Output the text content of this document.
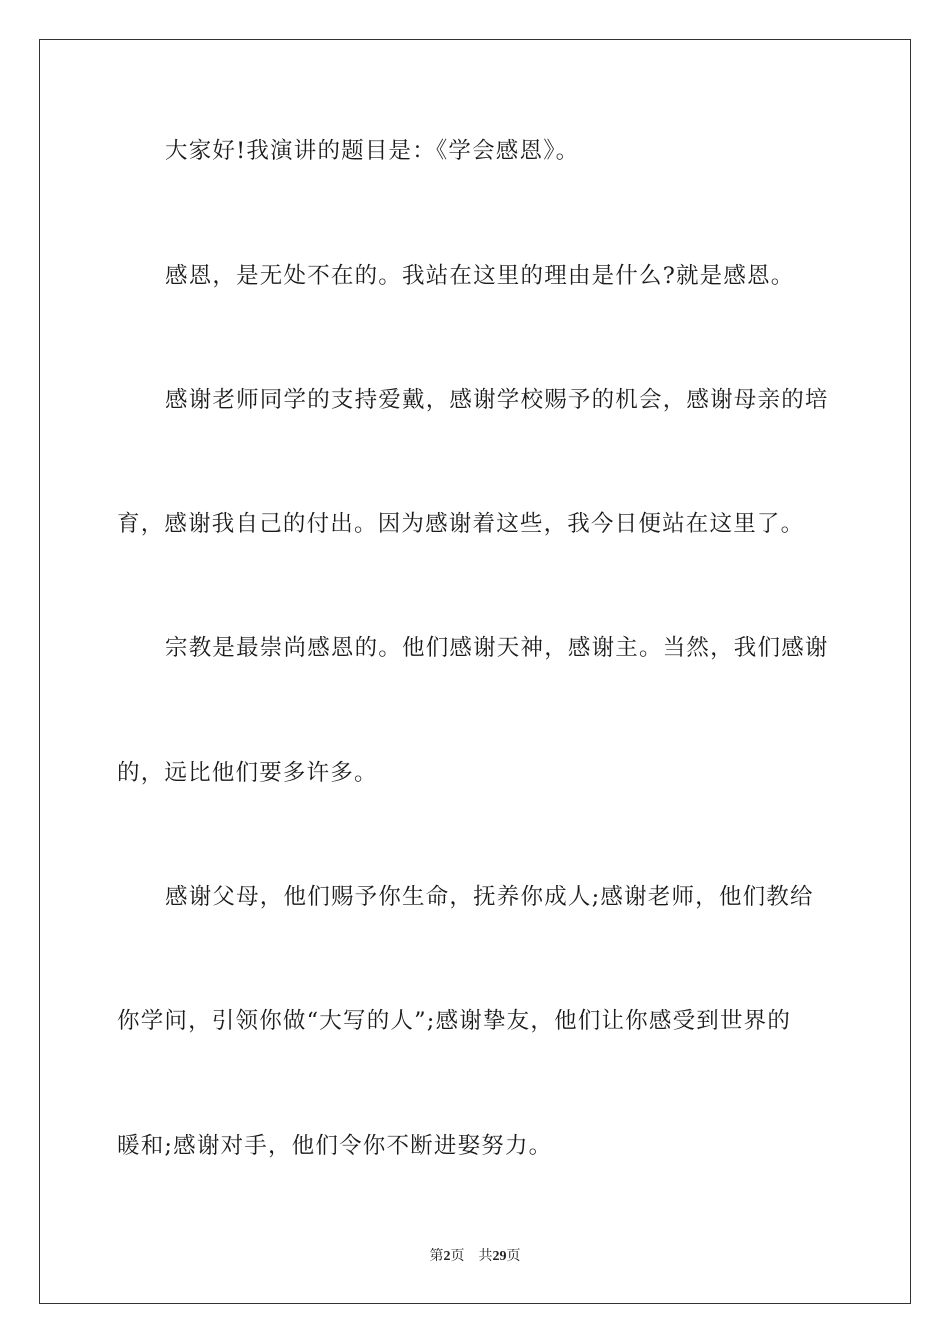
大家好!我演讲的题目是：《学会感恩》。
感恩，是无处不在的。我站在这里的理由是什么?就是感恩。
感谢老师同学的支持爱戴，感谢学校赐予的机会，感谢母亲的培
育，感谢我自己的付出。因为感谢着这些，我今日便站在这里了。
宗教是最崇尚感恩的。他们感谢天神，感谢主。当然，我们感谢
的，远比他们要多许多。
感谢父母，他们赐予你生命，抚养你成人;感谢老师，他们教给
你学问，引领你做“大写的人”;感谢挚友，他们让你感受到世界的
暖和;感谢对手，他们令你不断进娶努力。
第2页 共29页
